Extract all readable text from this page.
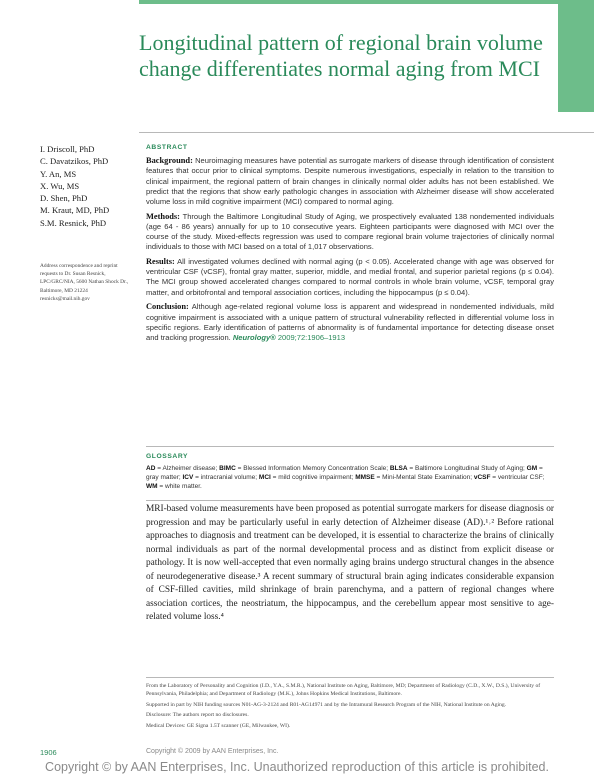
Longitudinal pattern of regional brain volume change differentiates normal aging from MCI
I. Driscoll, PhD
C. Davatzikos, PhD
Y. An, MS
X. Wu, MS
D. Shen, PhD
M. Kraut, MD, PhD
S.M. Resnick, PhD
Address correspondence and reprint requests to Dr. Susan Resnick, LPC/GRC/NIA, 5600 Nathan Shock Dr., Baltimore, MD 21224 resnicks@mail.nih.gov
ABSTRACT

Background: Neuroimaging measures have potential as surrogate markers of disease through identification of consistent features that occur prior to clinical symptoms. Despite numerous investigations, especially in relation to the transition to clinical impairment, the regional pattern of brain changes in clinically normal older adults has not been established. We predict that the regions that show early pathologic changes in association with Alzheimer disease will show accelerated volume loss in mild cognitive impairment (MCI) compared to normal aging.

Methods: Through the Baltimore Longitudinal Study of Aging, we prospectively evaluated 138 nondemented individuals (age 64 - 86 years) annually for up to 10 consecutive years. Eighteen participants were diagnosed with MCI over the course of the study. Mixed-effects regression was used to compare regional brain volume trajectories of clinically normal individuals to those with MCI based on a total of 1,017 observations.

Results: All investigated volumes declined with normal aging (p < 0.05). Accelerated change with age was observed for ventricular CSF (vCSF), frontal gray matter, superior, middle, and medial frontal, and superior parietal regions (p ≤ 0.04). The MCI group showed accelerated changes compared to normal controls in whole brain volume, vCSF, temporal gray matter, and orbitofrontal and temporal association cortices, including the hippocampus (p ≤ 0.04).

Conclusion: Although age-related regional volume loss is apparent and widespread in nondemented individuals, mild cognitive impairment is associated with a unique pattern of structural vulnerability reflected in differential volume loss in specific regions. Early identification of patterns of abnormality is of fundamental importance for detecting disease onset and tracking progression. Neurology® 2009;72:1906–1913

GLOSSARY
AD = Alzheimer disease; BIMC = Blessed Information Memory Concentration Scale; BLSA = Baltimore Longitudinal Study of Aging; GM = gray matter; ICV = intracranial volume; MCI = mild cognitive impairment; MMSE = Mini-Mental State Examination; vCSF = ventricular CSF; WM = white matter.
MRI-based volume measurements have been proposed as potential surrogate markers for disease diagnosis or progression and may be particularly useful in early detection of Alzheimer disease (AD).¹˒² Before rational approaches to diagnosis and treatment can be developed, it is essential to characterize the brains of clinically normal individuals as part of the normal developmental process and as distinct from explicit disease or pathology. It is now well-accepted that even normally aging brains undergo structural changes in the absence of neurodegenerative disease.³ A recent summary of structural brain aging indicates considerable expansion of CSF-filled cavities, mild shrinkage of brain parenchyma, and a pattern of regional changes where association cortices, the neostriatum, the hippocampus, and the cerebellum appear most sensitive to age-related volume loss.⁴

From the Laboratory of Personality and Cognition (I.D., Y.A., S.M.R.), National Institute on Aging, Baltimore, MD; Department of Radiology (C.D., X.W., D.S.), University of Pennsylvania, Philadelphia; and Department of Radiology (M.K.), Johns Hopkins Medical Institutions, Baltimore.

Supported in part by NIH funding sources N01-AG-3-2124 and R01-AG14971 and by the Intramural Research Program of the NIH, National Institute on Aging.

Disclosure: The authors report no disclosures.

Medical Devices: GE Signa 1.5T scanner (GE, Milwaukee, WI).

1906	Copyright © 2009 by AAN Enterprises, Inc.
Copyright © by AAN Enterprises, Inc. Unauthorized reproduction of this article is prohibited.
